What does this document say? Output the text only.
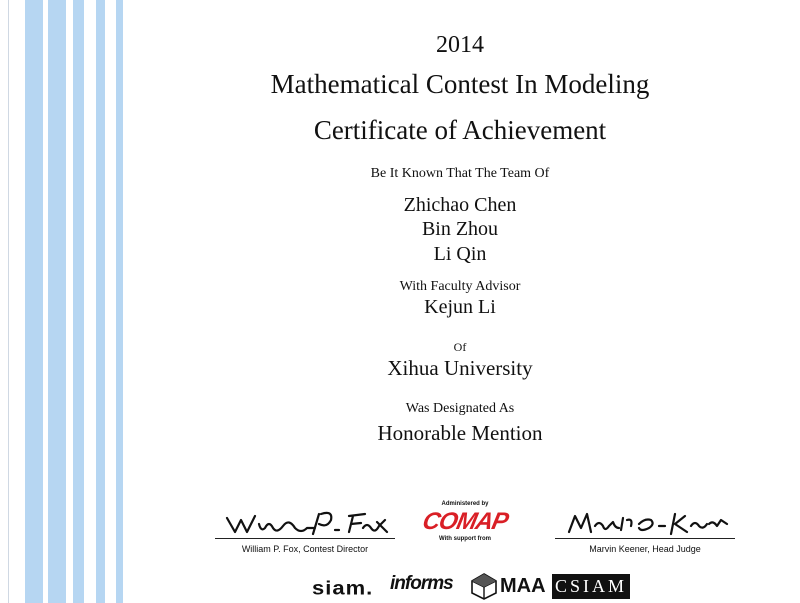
2014

Mathematical Contest In Modeling

Certificate of Achievement

Be It Known That The Team Of

Zhichao Chen

Bin Zhou

Li Qin

With Faculty Advisor

Kejun Li

Of

Xihua University

Was Designated As

Honorable Mention

William P. Fox, Contest Director
Administered by
COMAP
With support from
Marvin Keener, Head Judge
siam. informs MAA CSIAM
